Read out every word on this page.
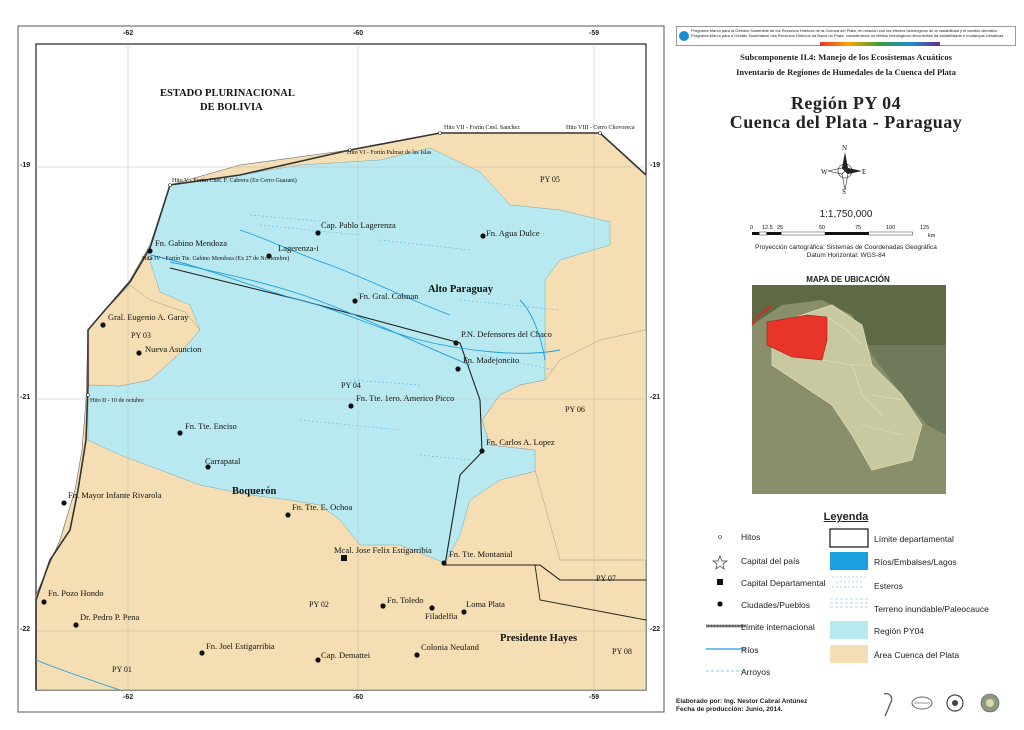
-62	-60	-59
-62	-60	-59
-19
-21
-22
-19
-21
-22
ESTADO PLURINACIONAL
DE BOLIVIA
Hito VII - Fortín Cnel. Sanchez	Hito VIII - Cerro Chovoreca
Hito VI - Fortín Palmar de las Islas
Hito V - Fortín Cnel. F. Cabrera (Ex Cerro Guarani)
Hito IV - Fortín Tte. Gabino Mendoza (Ex 27 de Noviembre)
Hito II - 10 de octubre
Alto Paraguay
Boquerón
Presidente Hayes
PY 05
PY 03
PY 04
PY 06
PY 07
PY 02
PY 01
PY 08
Cap. Pablo Lagerenza
Fn. Agua Dulce
Fn. Gabino Mendoza	Lagerenza-i
Fn. Gral. Colman
Gral. Eugenio A. Garay
Nueva Asuncion
P.N. Defensores del Chaco
Fn. Madejoncito
Fn. Tte. 1ero. Americo Picco
Fn. Tte. Enciso
Carrapatal
Fn. Carlos A. Lopez
Fn. Mayor Infante Rivarola
Fn. Tte. E. Ochoa
Mcal. Jose Felix Estigarribia Fn. Tte. Montanial
Fn. Pozo Hondo
Dr. Pedro P. Pena
Fn. Toledo	Loma Plata
Filadelfia
Fn. Joel Estigarribia
Cap. Demattei
Colonia Neuland
Programa Marco para la Gestión Sostenible de los Recursos Hídricos de la Cuenca del Plata, en relación con los efectos hidrológicos de la variabilidad y el cambio climático
Programa Marco para a Gestão Sustentável dos Recursos Hídricos da Bacia do Prata, considerando os efeitos hidrológicos decorrentes da variabilidade e mudanças climáticas
Subcomponente II.4: Manejo de los Ecosistemas Acuáticos
Inventario de Regiones de Humedales de la Cuenca del Plata
Región PY 04
Cuenca del Plata - Paraguay
N
S
E
W
1:1,750,000
0 12.5 25	50	75	100	125
km
Proyección cartográfica: Sistemas de Coordenadas Geográfica
Datum Horizontal: WGS-84
MAPA DE UBICACIÓN
Leyenda
Hitos
Capital del país
Capital Departamental
Ciudades/Pueblos
Límite internacional
Ríos
Arroyos
Límite departamental
Ríos/Embalses/Lagos
Esteros
Terreno inundable/Paleocauce
Región PY04
Área Cuenca del Plata
Elaborado por: Ing. Nestor Cabral Antúnez
Fecha de producción: Junio, 2014.
